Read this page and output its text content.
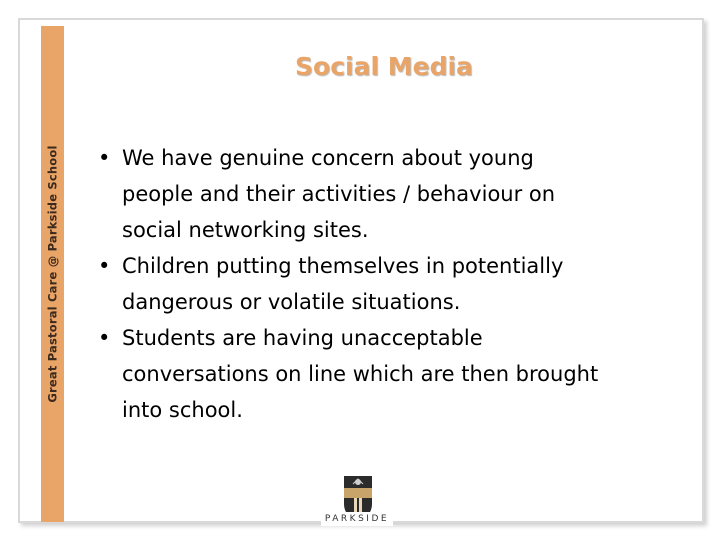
Great Pastoral Care @ Parkside School
Social Media
• We have genuine concern about young people and their activities / behaviour on social networking sites.
• Children putting themselves in potentially dangerous or volatile situations.
• Students are having unacceptable conversations on line which are then brought into school.
PARKSIDE
